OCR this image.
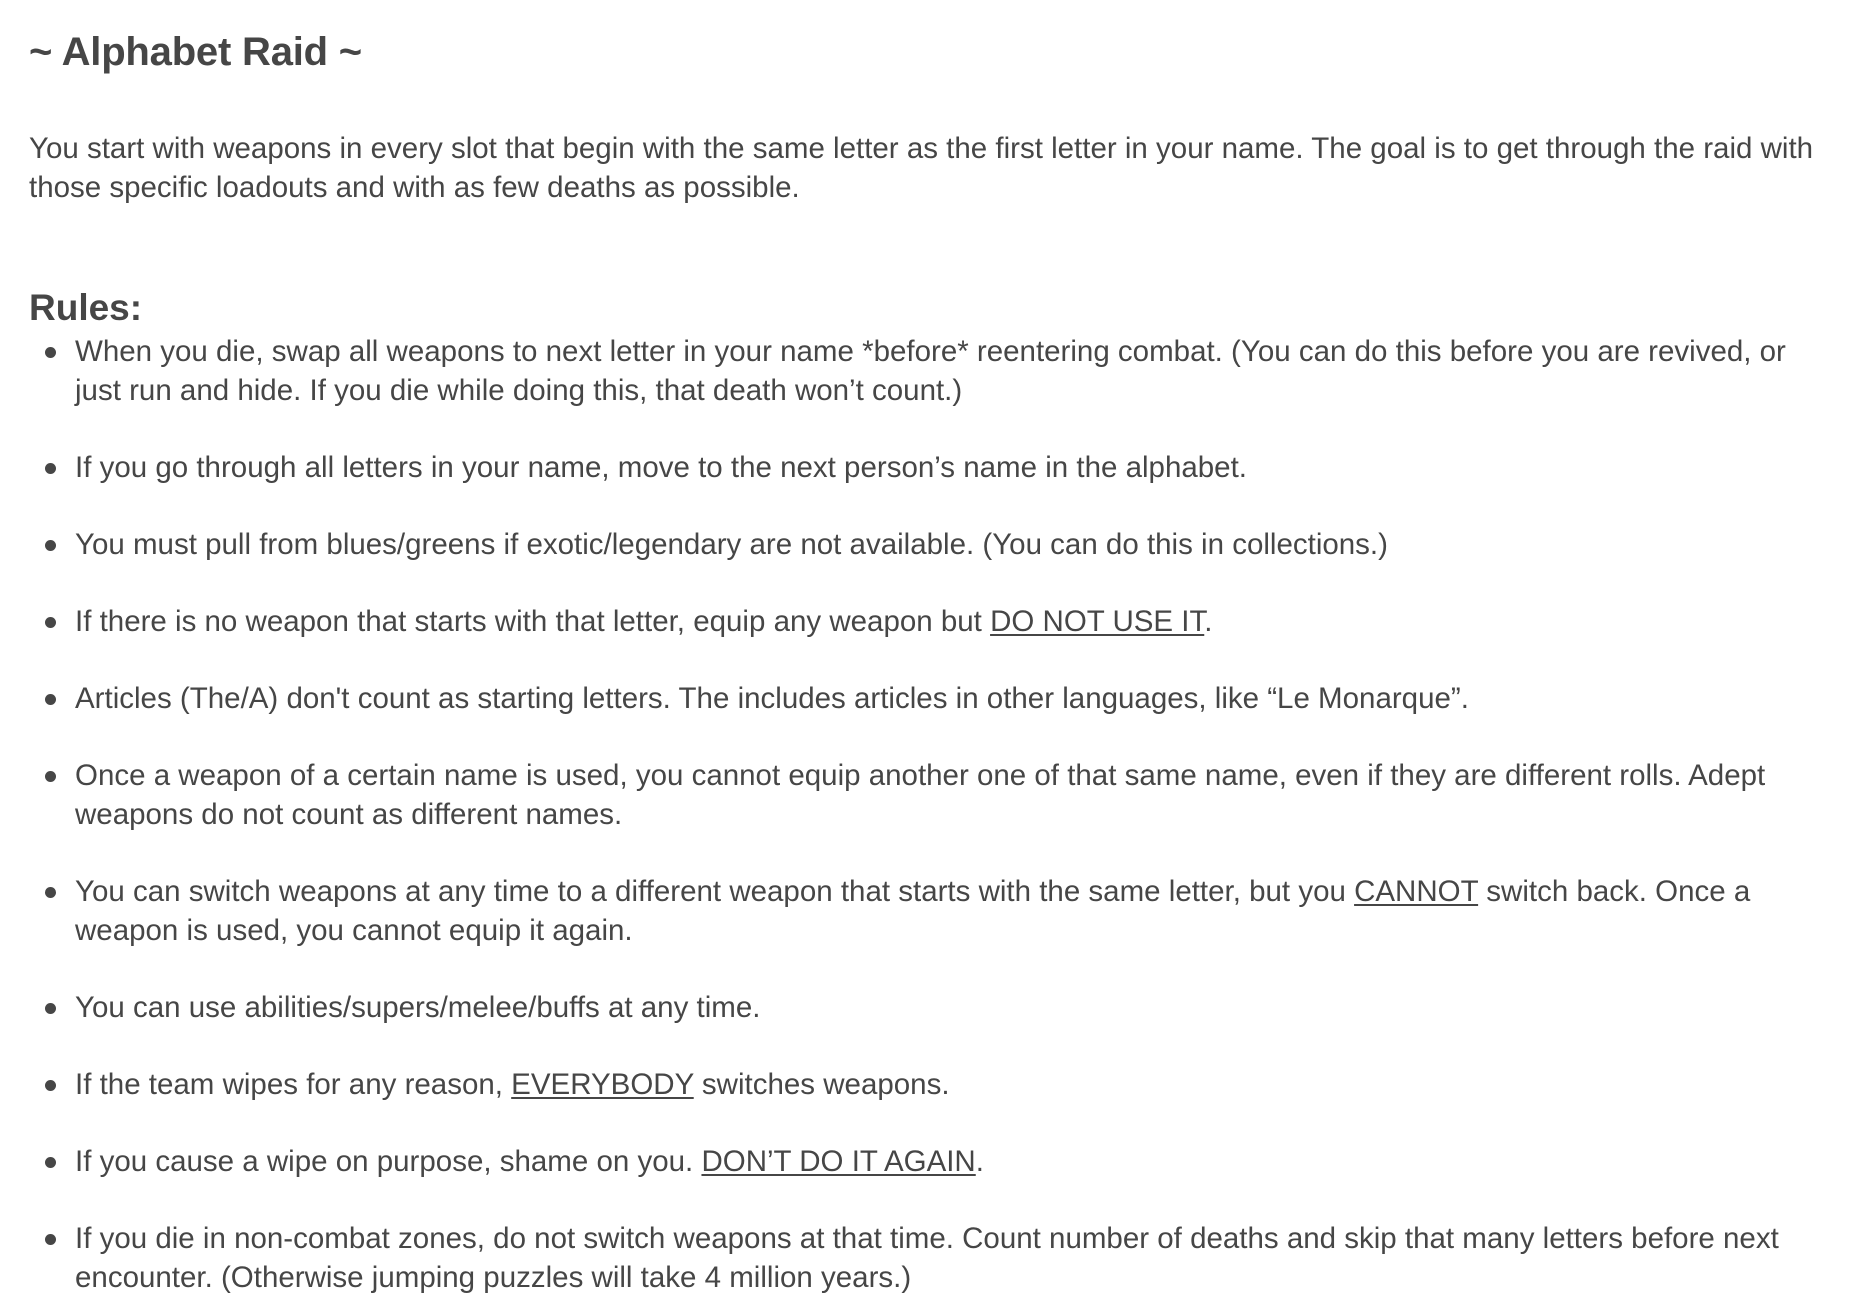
~ Alphabet Raid ~

You start with weapons in every slot that begin with the same letter as the first letter in your name. The goal is to get through the raid with those specific loadouts and with as few deaths as possible.

Rules:
When you die, swap all weapons to next letter in your name *before* reentering combat. (You can do this before you are revived, or just run and hide. If you die while doing this, that death won’t count.)
If you go through all letters in your name, move to the next person’s name in the alphabet.
You must pull from blues/greens if exotic/legendary are not available. (You can do this in collections.)
If there is no weapon that starts with that letter, equip any weapon but DO NOT USE IT.
Articles (The/A) don't count as starting letters. The includes articles in other languages, like “Le Monarque”.
Once a weapon of a certain name is used, you cannot equip another one of that same name, even if they are different rolls. Adept weapons do not count as different names.
You can switch weapons at any time to a different weapon that starts with the same letter, but you CANNOT switch back. Once a weapon is used, you cannot equip it again.
You can use abilities/supers/melee/buffs at any time.
If the team wipes for any reason, EVERYBODY switches weapons.
If you cause a wipe on purpose, shame on you. DON’T DO IT AGAIN.
If you die in non-combat zones, do not switch weapons at that time. Count number of deaths and skip that many letters before next encounter. (Otherwise jumping puzzles will take 4 million years.)
